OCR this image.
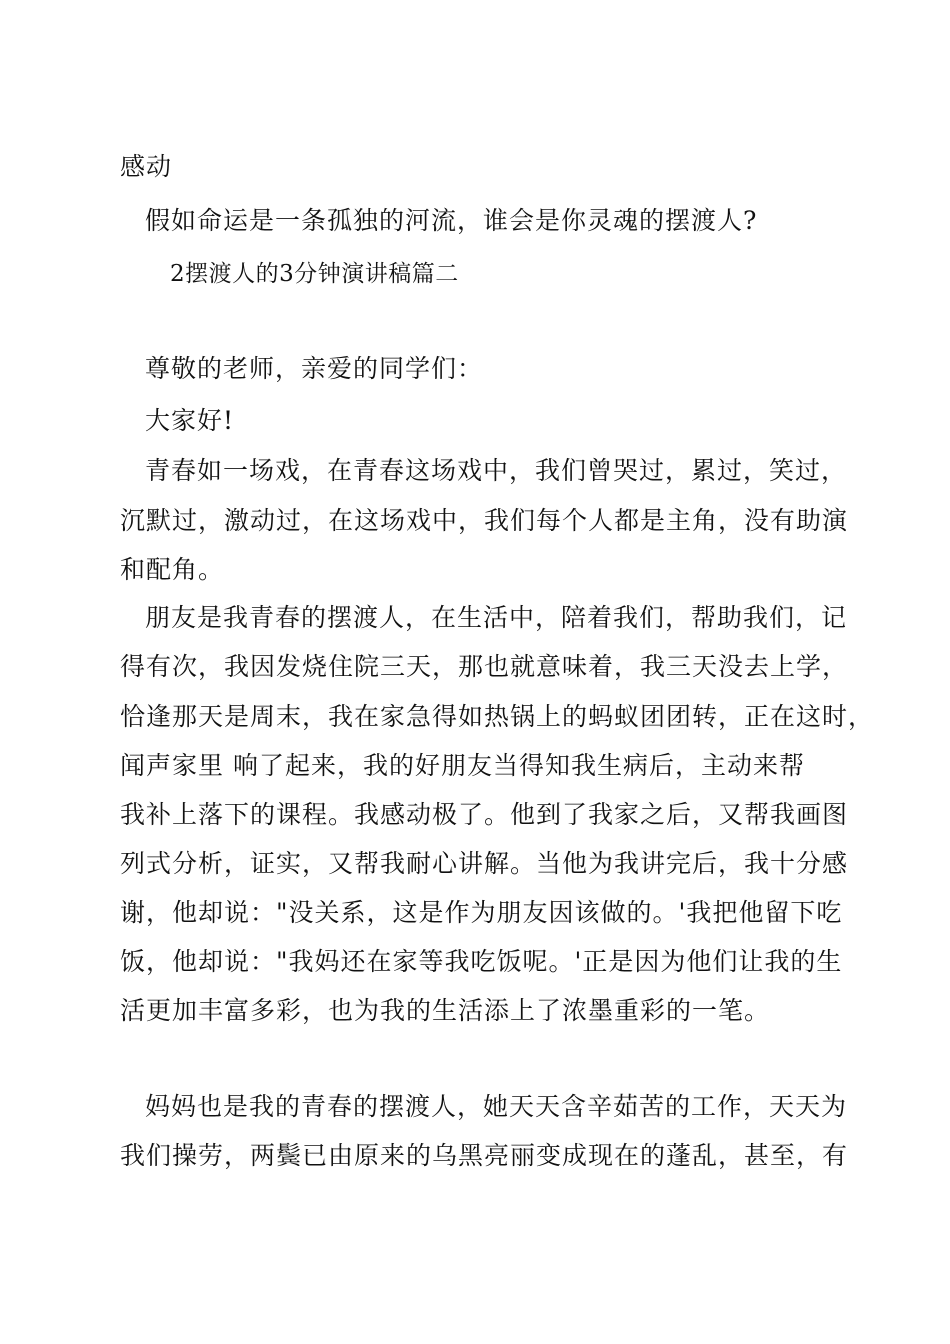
感动
假如命运是一条孤独的河流，谁会是你灵魂的摆渡人?
2摆渡人的3分钟演讲稿篇二
尊敬的老师，亲爱的同学们：
大家好!
青春如一场戏，在青春这场戏中，我们曾哭过，累过，笑过，
沉默过，激动过，在这场戏中，我们每个人都是主角，没有助演
和配角。
朋友是我青春的摆渡人，在生活中，陪着我们，帮助我们，记
得有次，我因发烧住院三天，那也就意味着，我三天没去上学，
恰逢那天是周末，我在家急得如热锅上的蚂蚁团团转，正在这时，
闻声家里 响了起来，我的好朋友当得知我生病后，主动来帮
我补上落下的课程。我感动极了。他到了我家之后，又帮我画图
列式分析，证实，又帮我耐心讲解。当他为我讲完后，我十分感
谢，他却说："没关系，这是作为朋友因该做的。'我把他留下吃
饭，他却说："我妈还在家等我吃饭呢。'正是因为他们让我的生
活更加丰富多彩，也为我的生活添上了浓墨重彩的一笔。
妈妈也是我的青春的摆渡人，她天天含辛茹苦的工作，天天为
我们操劳，两鬓已由原来的乌黑亮丽变成现在的蓬乱，甚至，有
